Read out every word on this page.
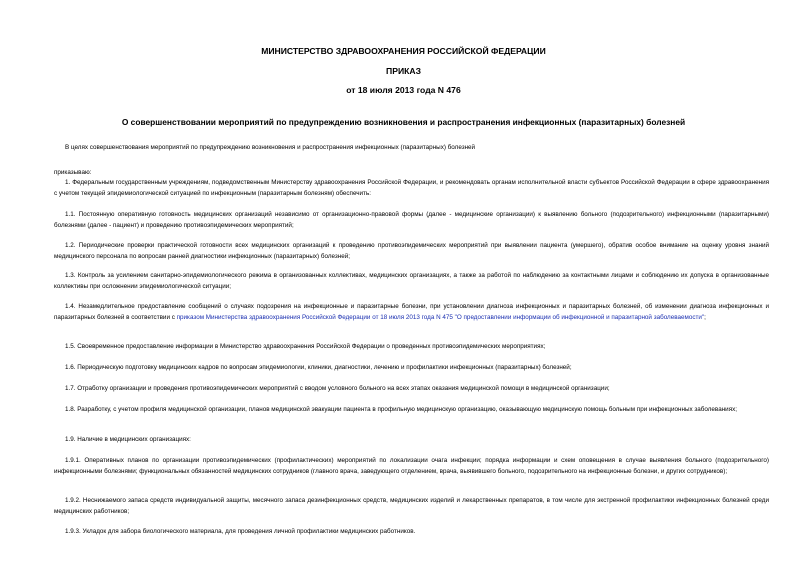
МИНИСТЕРСТВО ЗДРАВООХРАНЕНИЯ РОССИЙСКОЙ ФЕДЕРАЦИИ
ПРИКАЗ
от 18 июля 2013 года N 476
О совершенствовании мероприятий по предупреждению возникновения и распространения инфекционных (паразитарных) болезней
В целях совершенствования мероприятий по предупреждению возникновения и распространения инфекционных (паразитарных) болезней
приказываю:
1. Федеральным государственным учреждениям, подведомственным Министерству здравоохранения Российской Федерации, и рекомендовать органам исполнительной власти субъектов Российской Федерации в сфере здравоохранения с учетом текущей эпидемиологической ситуацией по инфекционным (паразитарным болезням) обеспечить:
1.1. Постоянную оперативную готовность медицинских организаций независимо от организационно-правовой формы (далее - медицинские организации) к выявлению больного (подозрительного) инфекционными (паразитарными) болезнями (далее - пациент) и проведению противоэпидемических мероприятий;
1.2. Периодические проверки практической готовности всех медицинских организаций к проведению противоэпидемических мероприятий при выявлении пациента (умершего), обратив особое внимание на оценку уровня знаний медицинского персонала по вопросам ранней диагностики инфекционных (паразитарных) болезней;
1.3. Контроль за усилением санитарно-эпидемиологического режима в организованных коллективах, медицинских организациях, а также за работой по наблюдению за контактными лицами и соблюдению их допуска в организованные коллективы при осложнении эпидемиологической ситуации;
1.4. Незамедлительное предоставление сообщений о случаях подозрения на инфекционные и паразитарные болезни, при установлении диагноза инфекционных и паразитарных болезней, об изменении диагноза инфекционных и паразитарных болезней в соответствии с приказом Министерства здравоохранения Российской Федерации от 18 июля 2013 года N 475 "О предоставлении информации об инфекционной и паразитарной заболеваемости";
1.5. Своевременное предоставление информации в Министерство здравоохранения Российской Федерации о проведенных противоэпидемических мероприятиях;
1.6. Периодическую подготовку медицинских кадров по вопросам эпидемиологии, клиники, диагностики, лечению и профилактики инфекционных (паразитарных) болезней;
1.7. Отработку организации и проведения противоэпидемических мероприятий с вводом условного больного на всех этапах оказания медицинской помощи в медицинской организации;
1.8. Разработку, с учетом профиля медицинской организации, планов медицинской эвакуации пациента в профильную медицинскую организацию, оказывающую медицинскую помощь больным при инфекционных заболеваниях;
1.9. Наличие в медицинских организациях:
1.9.1. Оперативных планов по организации противоэпидемических (профилактических) мероприятий по локализации очага инфекции; порядка информации и схем оповещения в случае выявления больного (подозрительного) инфекционными болезнями; функциональных обязанностей медицинских сотрудников (главного врача, заведующего отделением, врача, выявившего больного, подозрительного на инфекционные болезни, и других сотрудников);
1.9.2. Неснижаемого запаса средств индивидуальной защиты, месячного запаса дезинфекционных средств, медицинских изделий и лекарственных препаратов, в том числе для экстренной профилактики инфекционных болезней среди медицинских работников;
1.9.3. Укладок для забора биологического материала, для проведения личной профилактики медицинских работников.
